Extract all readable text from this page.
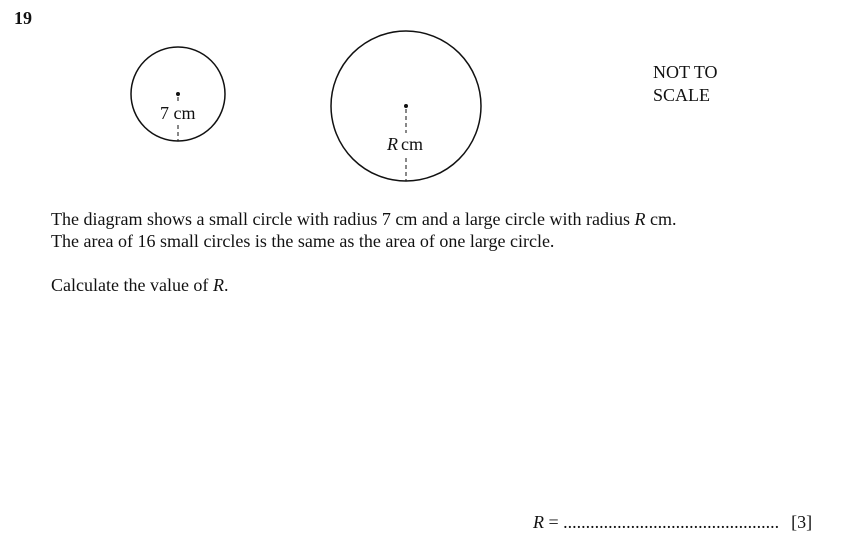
19
7 cm
R cm
NOT TO
SCALE
The diagram shows a small circle with radius 7 cm and a large circle with radius R cm.
The area of 16 small circles is the same as the area of one large circle.
Calculate the value of R.
R = ................................................ [3]
